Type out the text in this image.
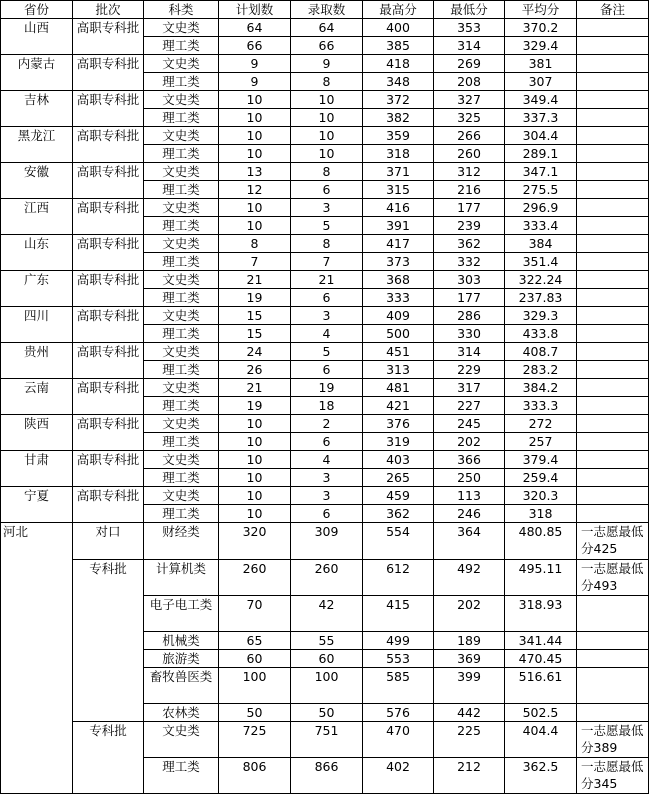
省份	批次	科类	计划数	录取数	最高分	最低分	平均分	备注
山西	高职专科批	文史类	64	64	400	353	370.2	
		理工类	66	66	385	314	329.4	
内蒙古	高职专科批	文史类	9	9	418	269	381	
		理工类	9	8	348	208	307	
吉林	高职专科批	文史类	10	10	372	327	349.4	
		理工类	10	10	382	325	337.3	
黑龙江	高职专科批	文史类	10	10	359	266	304.4	
		理工类	10	10	318	260	289.1	
安徽	高职专科批	文史类	13	8	371	312	347.1	
		理工类	12	6	315	216	275.5	
江西	高职专科批	文史类	10	3	416	177	296.9	
		理工类	10	5	391	239	333.4	
山东	高职专科批	文史类	8	8	417	362	384	
		理工类	7	7	373	332	351.4	
广东	高职专科批	文史类	21	21	368	303	322.24	
		理工类	19	6	333	177	237.83	
四川	高职专科批	文史类	15	3	409	286	329.3	
		理工类	15	4	500	330	433.8	
贵州	高职专科批	文史类	24	5	451	314	408.7	
		理工类	26	6	313	229	283.2	
云南	高职专科批	文史类	21	19	481	317	384.2	
		理工类	19	18	421	227	333.3	
陕西	高职专科批	文史类	10	2	376	245	272	
		理工类	10	6	319	202	257	
甘肃	高职专科批	文史类	10	4	403	366	379.4	
		理工类	10	3	265	250	259.4	
宁夏	高职专科批	文史类	10	3	459	113	320.3	
		理工类	10	6	362	246	318	
河北	对口	财经类	320	309	554	364	480.85	一志愿最低分425
	专科批	计算机类	260	260	612	492	495.11	一志愿最低分493
		电子电工类	70	42	415	202	318.93	
		机械类	65	55	499	189	341.44	
		旅游类	60	60	553	369	470.45	
		畜牧兽医类	100	100	585	399	516.61	
		农林类	50	50	576	442	502.5	
	专科批	文史类	725	751	470	225	404.4	一志愿最低分389
		理工类	806	866	402	212	362.5	一志愿最低分345
